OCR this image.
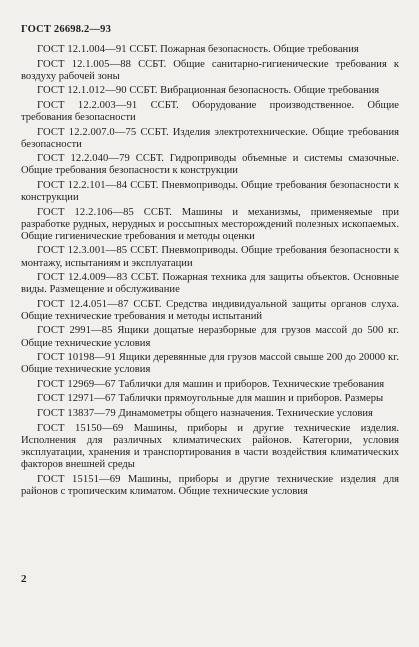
ГОСТ 26698.2—93

ГОСТ 12.1.004—91 ССБТ. Пожарная безопасность. Общие требования

ГОСТ 12.1.005—88 ССБТ. Общие санитарно-гигиенические требования к воздуху рабочей зоны

ГОСТ 12.1.012—90 ССБТ. Вибрационная безопасность. Общие требования

ГОСТ 12.2.003—91 ССБТ. Оборудование производственное. Общие требования безопасности

ГОСТ 12.2.007.0—75 ССБТ. Изделия электротехнические. Общие требования безопасности

ГОСТ 12.2.040—79 ССБТ. Гидроприводы объемные и системы смазочные. Общие требования безопасности к конструкции

ГОСТ 12.2.101—84 ССБТ. Пневмоприводы. Общие требования безопасности к конструкции

ГОСТ 12.2.106—85 ССБТ. Машины и механизмы, применяемые при разработке рудных, нерудных и россыпных месторождений полезных ископаемых. Общие гигиенические требования и методы оценки

ГОСТ 12.3.001—85 ССБТ. Пневмоприводы. Общие требования безопасности к монтажу, испытаниям и эксплуатации

ГОСТ 12.4.009—83 ССБТ. Пожарная техника для защиты объектов. Основные виды. Размещение и обслуживание

ГОСТ 12.4.051—87 ССБТ. Средства индивидуальной защиты органов слуха. Общие технические требования и методы испытаний

ГОСТ 2991—85 Ящики дощатые неразборные для грузов массой до 500 кг. Общие технические условия

ГОСТ 10198—91 Ящики деревянные для грузов массой свыше 200 до 20000 кг. Общие технические условия

ГОСТ 12969—67 Таблички для машин и приборов. Технические требования

ГОСТ 12971—67 Таблички прямоугольные для машин и приборов. Размеры

ГОСТ 13837—79 Динамометры общего назначения. Технические условия

ГОСТ 15150—69 Машины, приборы и другие технические изделия. Исполнения для различных климатических районов. Категории, условия эксплуатации, хранения и транспортирования в части воздействия климатических факторов внешней среды

ГОСТ 15151—69 Машины, приборы и другие технические изделия для районов с тропическим климатом. Общие технические условия

2
